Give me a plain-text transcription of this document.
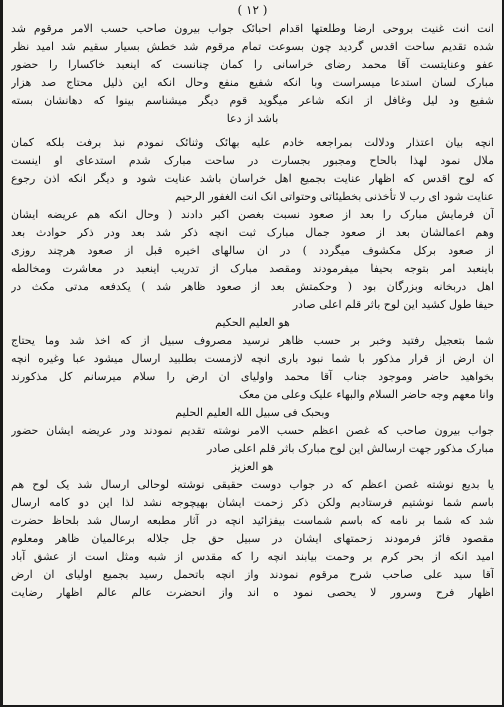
( ۱۲ )
انت انت غنیت بروحی ارضا وطلعتها اقدام احبائک جواب بیرون صاحب حسب الامر مرقوم شد
شده تقدیم ساحت اقدس گردید چون بسوعت تمام مرقوم شد خطش بسیار سقیم شد امید نظر
عفو وعنایتست آقا محمد رضای خراسانی را کمان چنانست که اینعبد خاکسارا را حضور
مبارک لسان استدعا میسراست وبا انکه شفیع منفع وحال انکه این ذلیل محتاج صد هزار
شفیع ود لیل وغافل از انکه شاعر میگوید قوم دیگر میشناسم بینوا که دهانشان بسته
باشد از دعا
انچه بیان اعتذار ودلالت بمراجعه خادم علیه بهائک وثنائک نمودم نبذ برفت بلکه کمان
ملال نمود لهذا بالحاح ومجبور بجسارت در ساحت مبارک شدم استدعای او اینست
که لوح اقدس که اظهار عنایت بجمیع اهل خراسان باشد عنایت شود و دیگر انکه اذن رجوع
عنایت شود ای رب لا تأخذنی بخطیئاتی وحتواتی انک انت الغفور الرحیم
آن فرمایش مبارک را بعد از صعود نسبت بغصن اکبر دادند ( وحال انکه هم عریضه ایشان
وهم اعمالشان بعد از صعود جمال مبارک ثبت انچه ذکر شد بعد ودر ذکر حوادث بعد
از صعود برکل مکشوف میگردد ) در ان سالهای اخیره قبل از صعود هرچند روزی
باینعبد امر بتوجه بحیفا میفرمودند ومقصد مبارک از تدریب اینعبد در معاشرت ومخالطه
اهل دربخانه وبزرگان بود ( وحکمتش بعد از صعود ظاهر شد ) یکدفعه مدتی مکث در
حیفا طول کشید این لوح باثر قلم اعلی صادر
هو العلیم الحکیم
شما بتعجیل رفتید وخبر بر حسب ظاهر نرسید مصروف سبیل از که اخذ شد وما یحتاج
ان ارض از قرار مذکور با شما نبود باری انچه لازمست بطلبید ارسال میشود عبا وغیره انچه
بخواهید حاضر وموجود جناب آقا محمد واولیای ان ارض را سلام میرسانم کل مذکورند
وانا معهم وجه حاضر السلام والبهاء علیک وعلی من معک
وبحبک فی سبیل الله العلیم الحلیم
جواب بیرون صاحب که غصن اعظم حسب الامر نوشته تقدیم نمودند ودر عریضه ایشان حضور
مبارک مذکور جهت ارسالش این لوح مبارک باثر قلم اعلی صادر
هو العزیز
یا بدیع نوشته غصن اعظم که در جواب دوست حقیقی نوشته لوحالی ارسال شد یک لوح هم
باسم شما نوشتیم فرستادیم ولکن ذکر زحمت ایشان بهیچوجه نشد لذا این دو کامه ارسال
شد که شما بر نامه که باسم شماست بیفزائید انچه در آثار مطبعه ارسال شد بلحاظ حضرت
مقصود فائز فرمودند زحمتهای ایشان در سبیل حق جل جلاله برعالمیان ظاهر ومعلوم
امید انکه از بحر کرم بر وحمت بیابند انچه را که مقدس از شبه ومثل است از عشق آباد
آقا سید علی صاحب شرح مرقوم نمودند واز انچه باتحمل رسید بجمیع اولیای ان ارض
اظهار فرح وسرور لا یحصی نمود ه اند واز انحضرت عالم عالم اظهار رضایت
